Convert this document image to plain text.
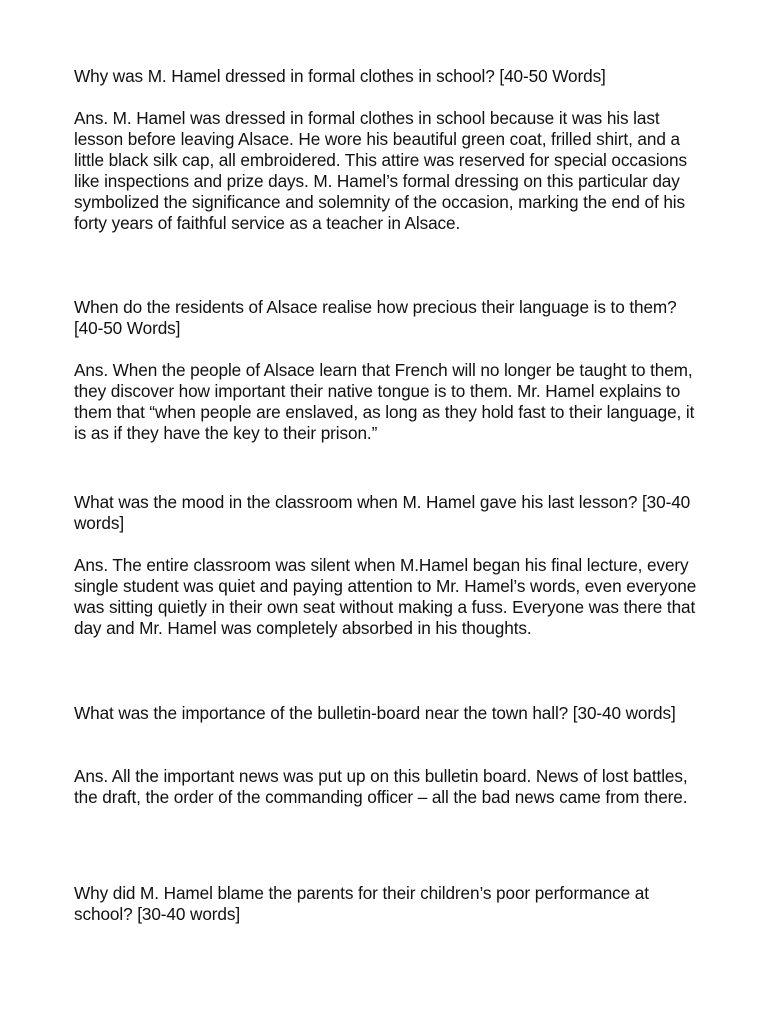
Why was M. Hamel dressed in formal clothes in school? [40-50 Words]

Ans. M. Hamel was dressed in formal clothes in school because it was his last lesson before leaving Alsace. He wore his beautiful green coat, frilled shirt, and a little black silk cap, all embroidered. This attire was reserved for special occasions like inspections and prize days. M. Hamel’s formal dressing on this particular day symbolized the significance and solemnity of the occasion, marking the end of his forty years of faithful service as a teacher in Alsace.

When do the residents of Alsace realise how precious their language is to them? [40-50 Words]

Ans. When the people of Alsace learn that French will no longer be taught to them, they discover how important their native tongue is to them. Mr. Hamel explains to them that “when people are enslaved, as long as they hold fast to their language, it is as if they have the key to their prison.”

What was the mood in the classroom when M. Hamel gave his last lesson? [30-40 words]

Ans. The entire classroom was silent when M.Hamel began his final lecture, every single student was quiet and paying attention to Mr. Hamel’s words, even everyone was sitting quietly in their own seat without making a fuss. Everyone was there that day and Mr. Hamel was completely absorbed in his thoughts.

What was the importance of the bulletin-board near the town hall? [30-40 words]

Ans. All the important news was put up on this bulletin board. News of lost battles, the draft, the order of the commanding officer – all the bad news came from there.

Why did M. Hamel blame the parents for their children’s poor performance at school? [30-40 words]
